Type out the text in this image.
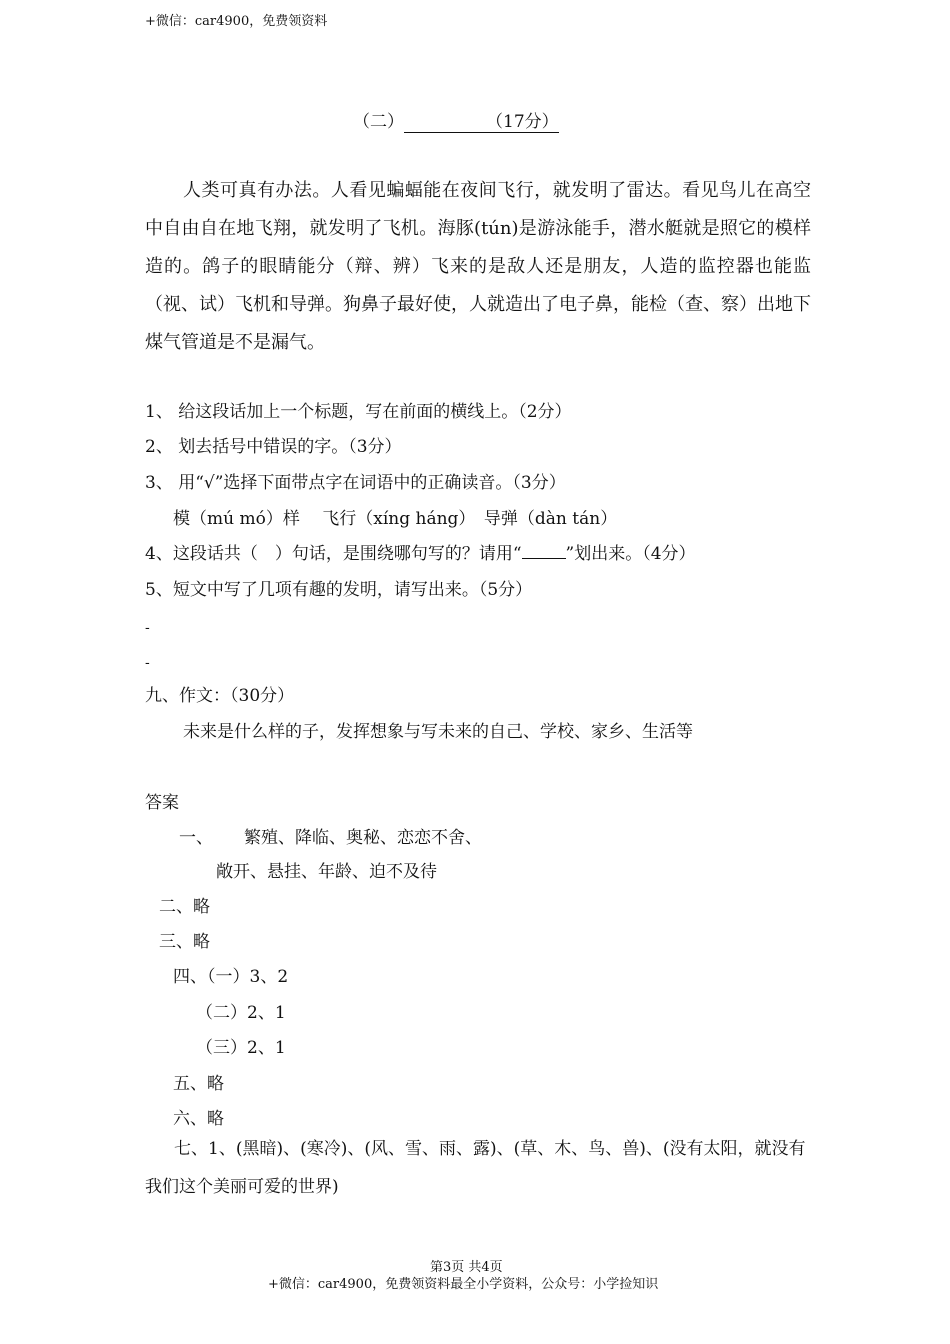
+微信：car4900，免费领资料
（二）	（17分）

人类可真有办法。人看见蝙蝠能在夜间飞行，就发明了雷达。看见鸟儿在高空中自由自在地飞翔，就发明了飞机。海豚(tún)是游泳能手，潜水艇就是照它的模样造的。鸽子的眼睛能分（辩、辨）飞来的是敌人还是朋友，人造的监控器也能监（视、试）飞机和导弹。狗鼻子最好使，人就造出了电子鼻，能检（查、察）出地下煤气管道是不是漏气。

1、 给这段话加上一个标题，写在前面的横线上。（2分）
2、 划去括号中错误的字。（3分）
3、 用“√”选择下面带点字在词语中的正确读音。（3分）
模（mú mó）样　 飞行（xíng háng）　导弹（dàn tán）
4、这段话共（　）句话，是围绕哪句写的？请用“	”划出来。（4分）
5、短文中写了几项有趣的发明，请写出来。（5分）
-
-
九、作文：（30分）
未来是什么样的子，发挥想象与写未来的自己、学校、家乡、生活等
答案
一、 繁殖、降临、奥秘、恋恋不舍、
敞开、悬挂、年龄、迫不及待
二、略
三、略
四、（一）3、2
（二）2、1
（三）2、1
五、略
六、略

七、1、(黑暗)、(寒冷)、(风、雪、雨、露)、(草、木、鸟、兽)、(没有太阳，就没有我们这个美丽可爱的世界)

第3页 共4页
+微信：car4900，免费领资料最全小学资料，公众号：小学捡知识
